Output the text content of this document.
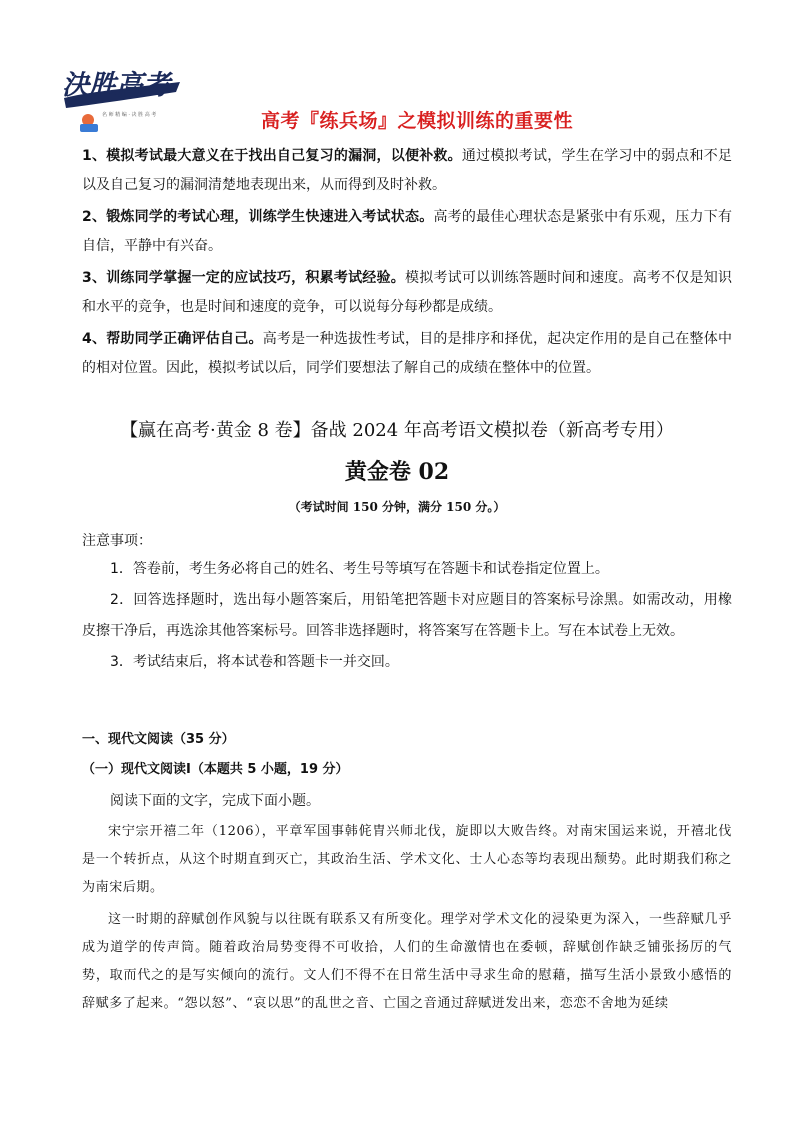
決胜高考
名 师 精 编 · 决 胜 高 考	高考『练兵场』之模拟训练的重要性
1、模拟考试最大意义在于找出自己复习的漏洞，以便补救。通过模拟考试，学生在学习中的弱点和不足以及自己复习的漏洞清楚地表现出来，从而得到及时补救。
2、锻炼同学的考试心理，训练学生快速进入考试状态。高考的最佳心理状态是紧张中有乐观，压力下有自信，平静中有兴奋。
3、训练同学掌握一定的应试技巧，积累考试经验。模拟考试可以训练答题时间和速度。高考不仅是知识和水平的竞争，也是时间和速度的竞争，可以说每分每秒都是成绩。
4、帮助同学正确评估自己。高考是一种选拔性考试，目的是排序和择优，起决定作用的是自己在整体中的相对位置。因此，模拟考试以后，同学们要想法了解自己的成绩在整体中的位置。
【赢在高考·黄金 8 卷】备战 2024 年高考语文模拟卷（新高考专用）
黄金卷 02
（考试时间 150 分钟，满分 150 分。）
注意事项：
1．答卷前，考生务必将自己的姓名、考生号等填写在答题卡和试卷指定位置上。
2．回答选择题时，选出每小题答案后，用铅笔把答题卡对应题目的答案标号涂黑。如需改动，用橡皮擦干净后，再选涂其他答案标号。回答非选择题时，将答案写在答题卡上。写在本试卷上无效。
3．考试结束后，将本试卷和答题卡一并交回。
一、现代文阅读（35 分）
（一）现代文阅读Ⅰ（本题共 5 小题，19 分）
阅读下面的文字，完成下面小题。

宋宁宗开禧二年（1206），平章军国事韩侂胄兴师北伐，旋即以大败告终。对南宋国运来说，开禧北伐是一个转折点，从这个时期直到灭亡，其政治生活、学术文化、士人心态等均表现出颓势。此时期我们称之为南宋后期。

这一时期的辞赋创作风貌与以往既有联系又有所变化。理学对学术文化的浸染更为深入，一些辞赋几乎成为道学的传声筒。随着政治局势变得不可收拾，人们的生命激情也在委顿，辞赋创作缺乏铺张扬厉的气势，取而代之的是写实倾向的流行。文人们不得不在日常生活中寻求生命的慰藉，描写生活小景致小感悟的辞赋多了起来。“怨以怒”、“哀以思”的乱世之音、亡国之音通过辞赋迸发出来，恋恋不舍地为延续
